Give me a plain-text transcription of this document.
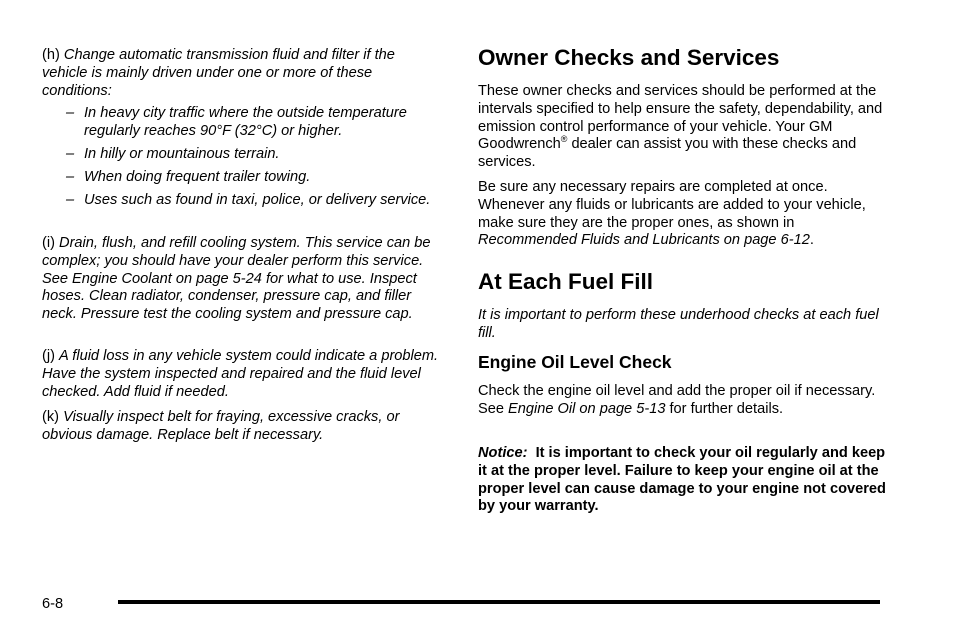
(h) Change automatic transmission fluid and filter if the vehicle is mainly driven under one or more of these conditions:

– In heavy city traffic where the outside temperature regularly reaches 90°F (32°C) or higher.

– In hilly or mountainous terrain.

– When doing frequent trailer towing.

– Uses such as found in taxi, police, or delivery service.

(i) Drain, flush, and refill cooling system. This service can be complex; you should have your dealer perform this service. See Engine Coolant on page 5-24 for what to use. Inspect hoses. Clean radiator, condenser, pressure cap, and filler neck. Pressure test the cooling system and pressure cap.

(j) A fluid loss in any vehicle system could indicate a problem. Have the system inspected and repaired and the fluid level checked. Add fluid if needed.

(k) Visually inspect belt for fraying, excessive cracks, or obvious damage. Replace belt if necessary.

Owner Checks and Services

These owner checks and services should be performed at the intervals specified to help ensure the safety, dependability, and emission control performance of your vehicle. Your GM Goodwrench® dealer can assist you with these checks and services.

Be sure any necessary repairs are completed at once. Whenever any fluids or lubricants are added to your vehicle, make sure they are the proper ones, as shown in Recommended Fluids and Lubricants on page 6-12.

At Each Fuel Fill

It is important to perform these underhood checks at each fuel fill.

Engine Oil Level Check

Check the engine oil level and add the proper oil if necessary. See Engine Oil on page 5-13 for further details.

Notice: It is important to check your oil regularly and keep it at the proper level. Failure to keep your engine oil at the proper level can cause damage to your engine not covered by your warranty.

6-8
